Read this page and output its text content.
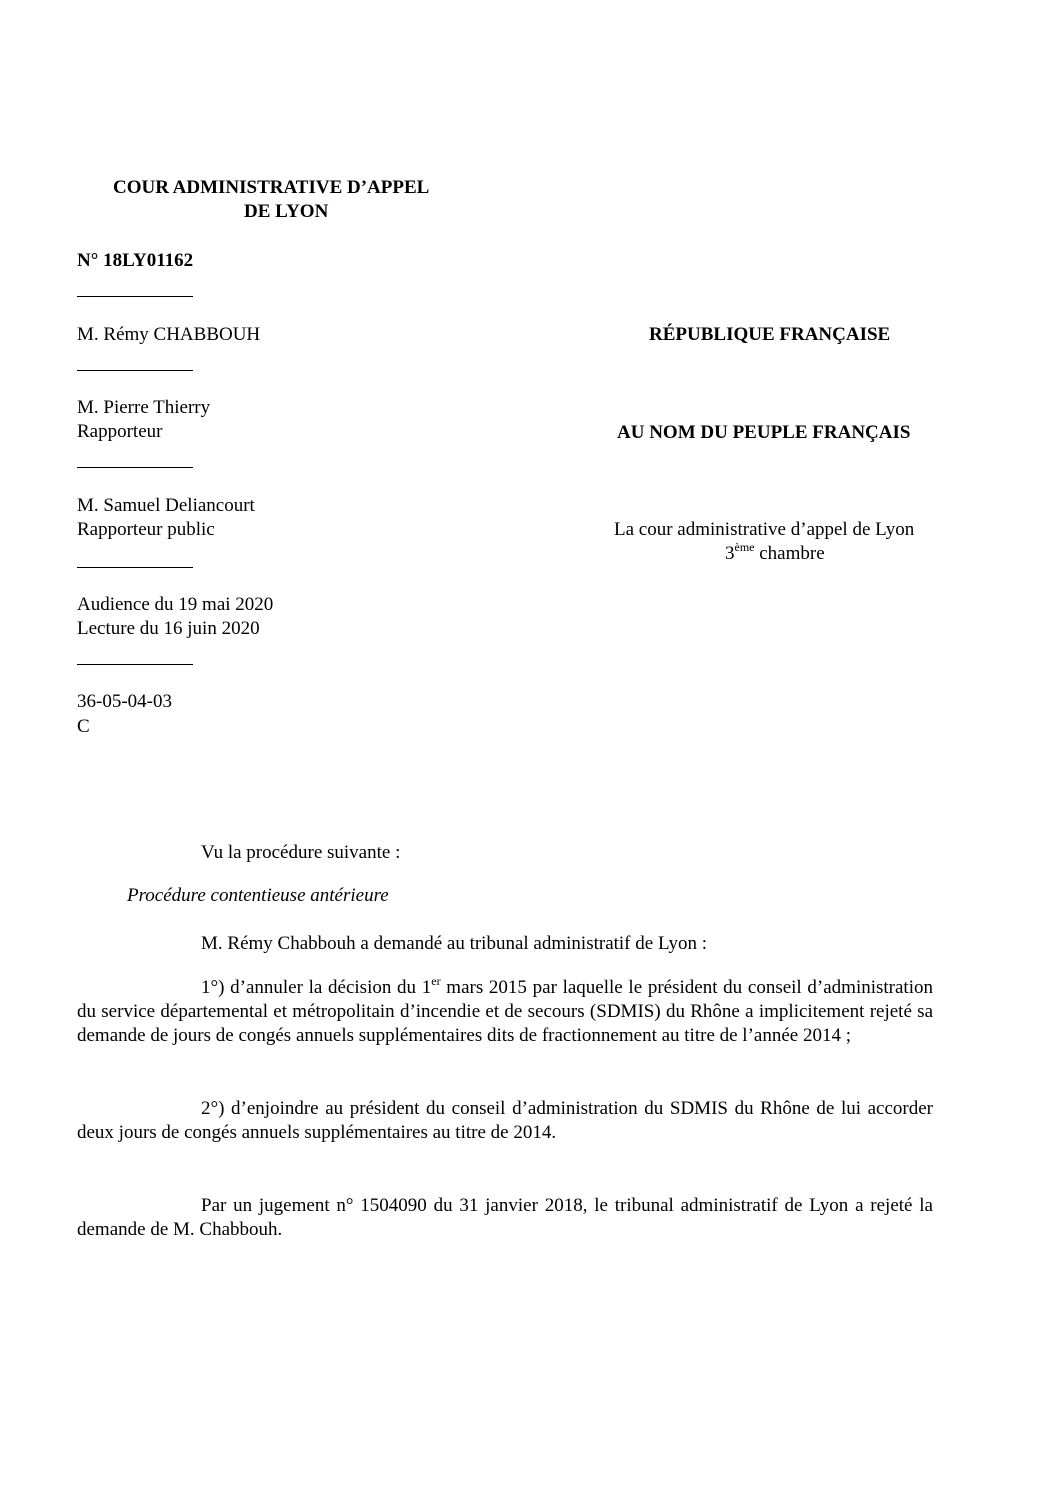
COUR ADMINISTRATIVE D’APPEL
DE LYON
N° 18LY01162
M. Rémy CHABBOUH
M. Pierre Thierry
Rapporteur
M. Samuel Deliancourt
Rapporteur public
Audience du 19 mai 2020
Lecture du 16 juin 2020
36-05-04-03
C
RÉPUBLIQUE FRANÇAISE
AU NOM DU PEUPLE FRANÇAIS
La cour administrative d’appel de Lyon
3ème chambre
Vu la procédure suivante :
Procédure contentieuse antérieure
M. Rémy Chabbouh a demandé au tribunal administratif de Lyon :

1°) d’annuler la décision du 1er mars 2015 par laquelle le président du conseil d’administration du service départemental et métropolitain d’incendie et de secours (SDMIS) du Rhône a implicitement rejeté sa demande de jours de congés annuels supplémentaires dits de fractionnement au titre de l’année 2014 ;

2°) d’enjoindre au président du conseil d’administration du SDMIS du Rhône de lui accorder deux jours de congés annuels supplémentaires au titre de 2014.

Par un jugement n° 1504090 du 31 janvier 2018, le tribunal administratif de Lyon a rejeté la demande de M. Chabbouh.
